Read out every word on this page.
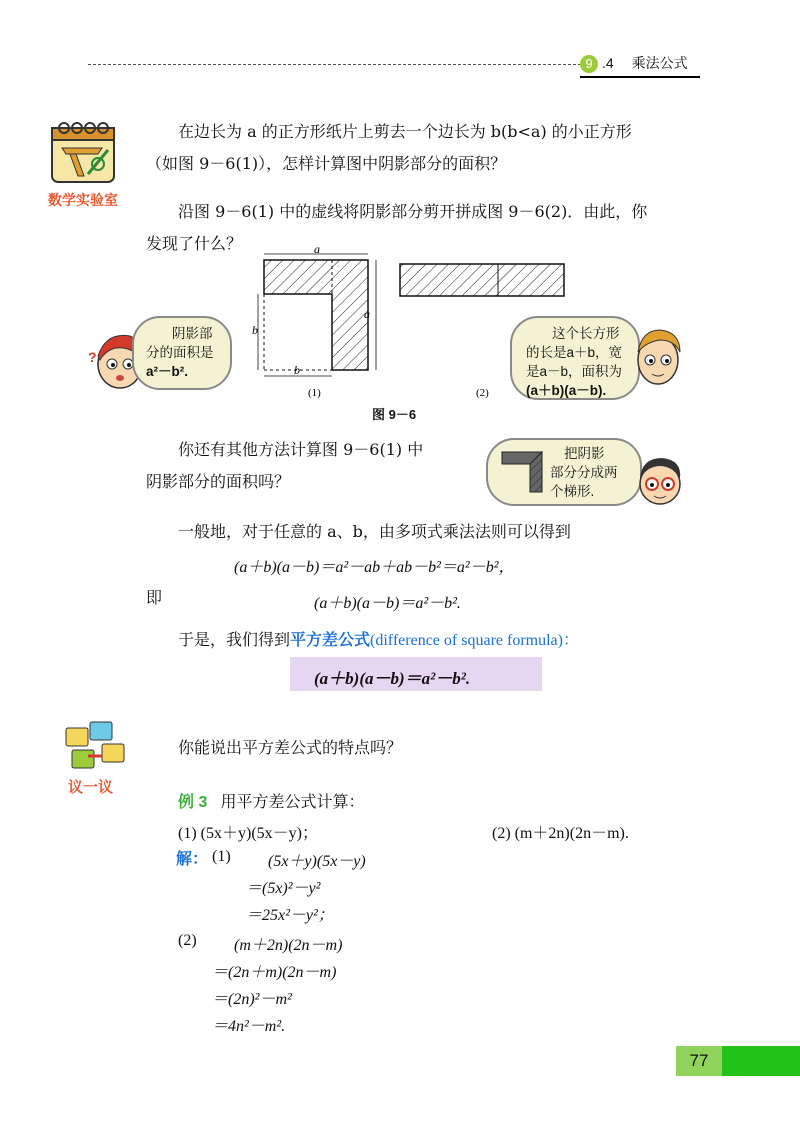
9 .4 乘法公式
数学实验室
在边长为 a 的正方形纸片上剪去一个边长为 b(b<a) 的小正方形
（如图 9－6(1)），怎样计算图中阴影部分的面积？
沿图 9－6(1) 中的虚线将阴影部分剪开拼成图 9－6(2)．由此，你
发现了什么？	a
a
b
b
(1)	(2)
图 9－6
?
阴影部
分的面积是
a²－b².
这个长方形
的长是a＋b，宽
是a－b，面积为
(a＋b)(a－b).
你还有其他方法计算图 9－6(1) 中
阴影部分的面积吗？
把阴影
部分分成两
个梯形.
一般地，对于任意的 a、b，由多项式乘法法则可以得到
(a＋b)(a－b)＝a²－ab＋ab－b²＝a²－b²，
即	(a＋b)(a－b)＝a²－b².
于是，我们得到平方差公式(difference of square formula)：
(a＋b)(a－b)＝a²－b².
议一议
你能说出平方差公式的特点吗？
例 3 用平方差公式计算：
(1) (5x＋y)(5x－y)；	(2) (m＋2n)(2n－m).
解： (1) (5x＋y)(5x－y)
＝(5x)²－y²
＝25x²－y²；
(2) (m＋2n)(2n－m)
＝(2n＋m)(2n－m)
＝(2n)²－m²
＝4n²－m².
77
